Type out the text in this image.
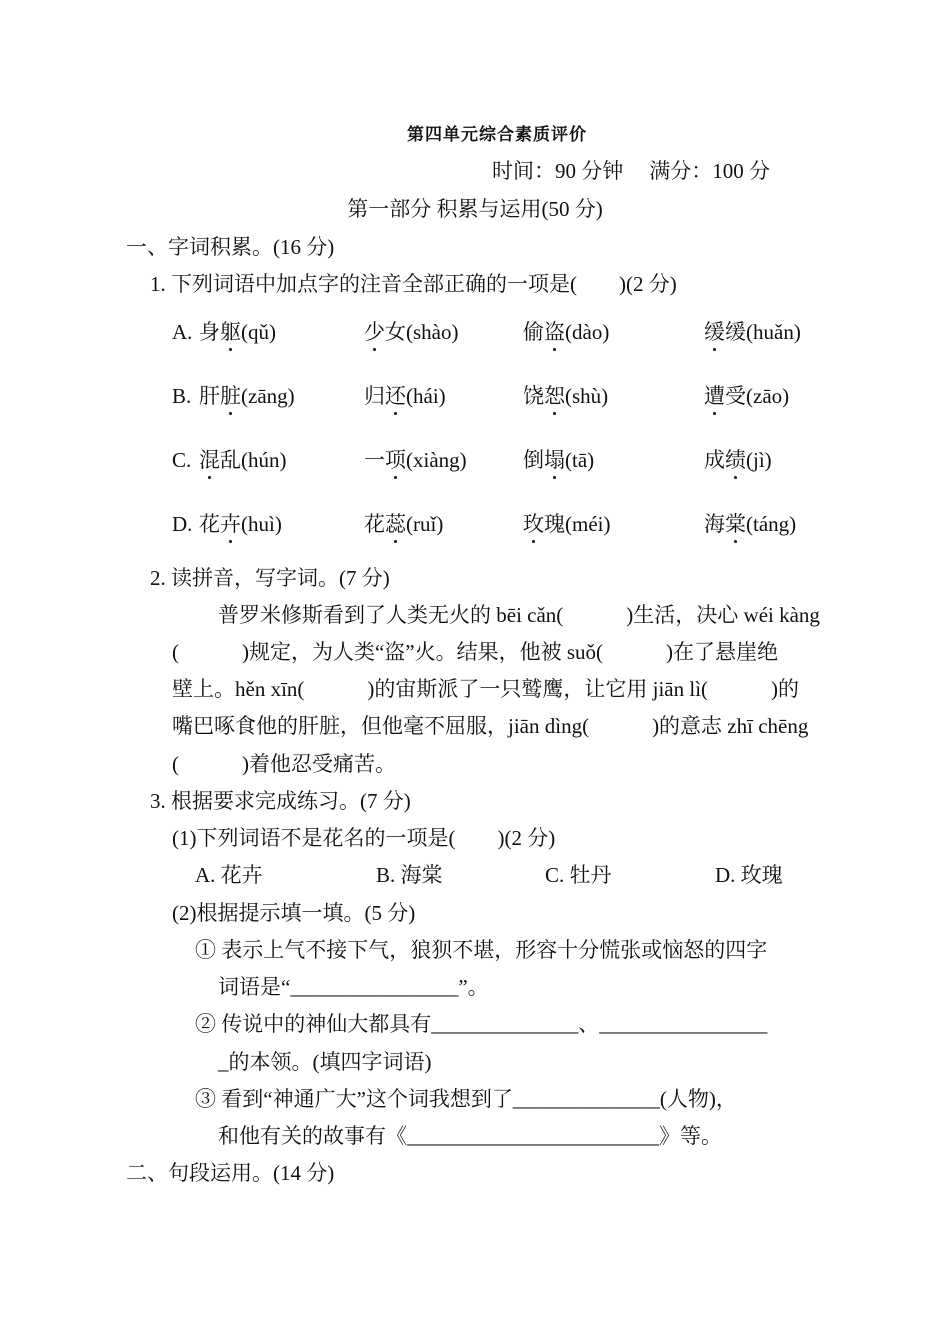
第四单元综合素质评价
时间：90 分钟 满分：100 分
第一部分 积累与运用(50 分)
一、字词积累。(16 分)
1. 下列词语中加点字的注音全部正确的一项是(　　)(2 分)
A. 身躯(qǔ)	少女(shào)	偷盗(dào)	缓缓(huǎn)
B. 肝脏(zāng)	归还(hái)	饶恕(shù)	遭受(zāo)
C. 混乱(hún)	一项(xiàng)	倒塌(tā)	成绩(jì)
D. 花卉(huì)	花蕊(ruǐ)	玫瑰(méi)	海棠(táng)
2. 读拼音，写字词。(7 分)
普罗米修斯看到了人类无火的 bēi cǎn(　　　)生活，决心 wéi kàng
(　　　)规定，为人类“盗”火。结果，他被 suǒ(　　　)在了悬崖绝
壁上。hěn xīn(　　　)的宙斯派了一只鹫鹰，让它用 jiān lì(　　　)的
嘴巴啄食他的肝脏，但他毫不屈服，jiān dìng(　　　)的意志 zhī chēng
(　　　)着他忍受痛苦。
3. 根据要求完成练习。(7 分)
(1)下列词语不是花名的一项是(　　)(2 分)
A. 花卉	B. 海棠	C. 牡丹	D. 玫瑰
(2)根据提示填一填。(5 分)
① 表示上气不接下气，狼狈不堪，形容十分慌张或恼怒的四字
词语是“________________”。
② 传说中的神仙大都具有______________、________________
_的本领。(填四字词语)
③ 看到“神通广大”这个词我想到了______________(人物)，
和他有关的故事有《________________________》等。
二、句段运用。(14 分)
